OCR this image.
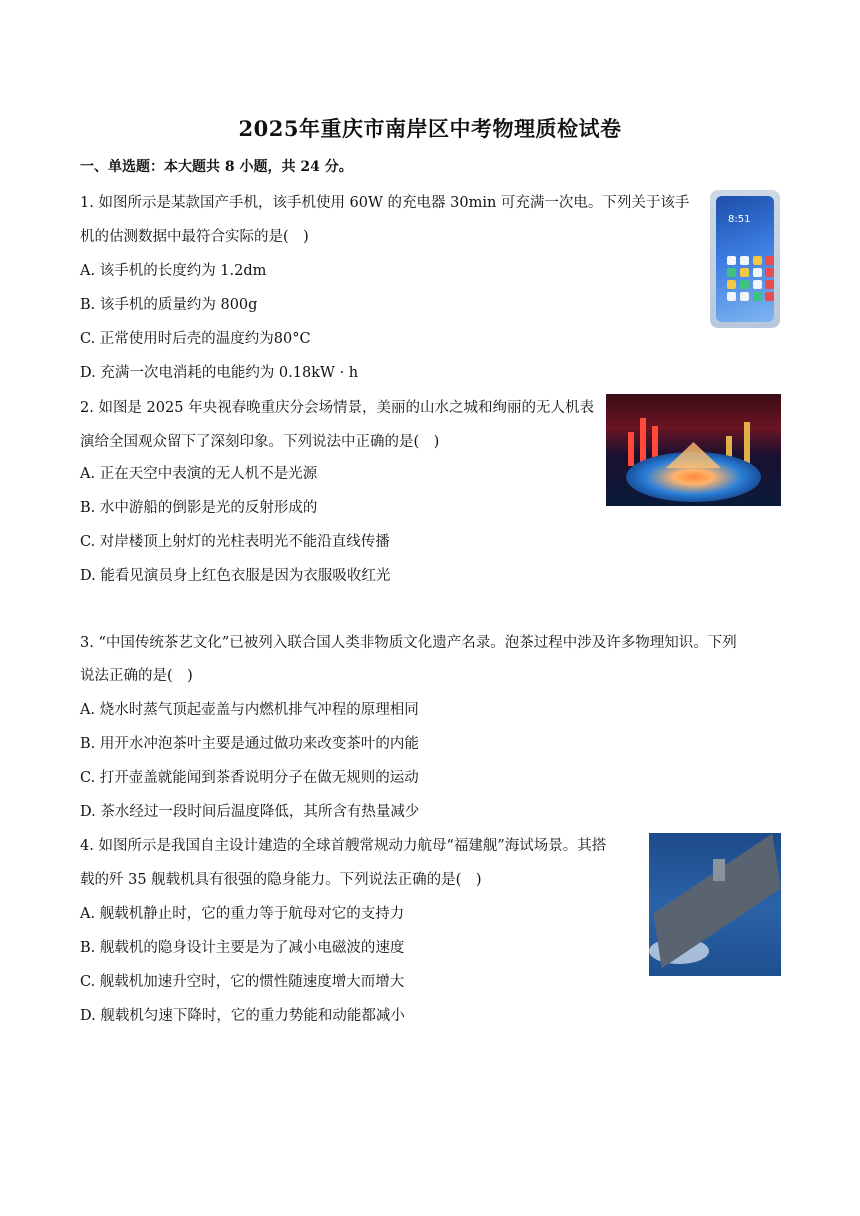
2025年重庆市南岸区中考物理质检试卷
一、单选题：本大题共 8 小题，共 24 分。
1. 如图所示是某款国产手机，该手机使用 60W 的充电器 30min 可充满一次电。下列关于该手
机的估测数据中最符合实际的是(　)
A. 该手机的长度约为 1.2dm
B. 该手机的质量约为 800g
C. 正常使用时后壳的温度约为80°C
D. 充满一次电消耗的电能约为 0.18kW · h
8:51
2. 如图是 2025 年央视春晚重庆分会场情景，美丽的山水之城和绚丽的无人机表
演给全国观众留下了深刻印象。下列说法中正确的是(　)
A. 正在天空中表演的无人机不是光源
B. 水中游船的倒影是光的反射形成的
C. 对岸楼顶上射灯的光柱表明光不能沿直线传播
D. 能看见演员身上红色衣服是因为衣服吸收红光
3. “中国传统茶艺文化”已被列入联合国人类非物质文化遗产名录。泡茶过程中涉及许多物理知识。下列
说法正确的是(　)
A. 烧水时蒸气顶起壶盖与内燃机排气冲程的原理相同
B. 用开水冲泡茶叶主要是通过做功来改变茶叶的内能
C. 打开壶盖就能闻到茶香说明分子在做无规则的运动
D. 茶水经过一段时间后温度降低，其所含有热量减少
4. 如图所示是我国自主设计建造的全球首艘常规动力航母“福建舰”海试场景。其搭
载的歼 35 舰载机具有很强的隐身能力。下列说法正确的是(　)
A. 舰载机静止时，它的重力等于航母对它的支持力
B. 舰载机的隐身设计主要是为了减小电磁波的速度
C. 舰载机加速升空时，它的惯性随速度增大而增大
D. 舰载机匀速下降时，它的重力势能和动能都减小
